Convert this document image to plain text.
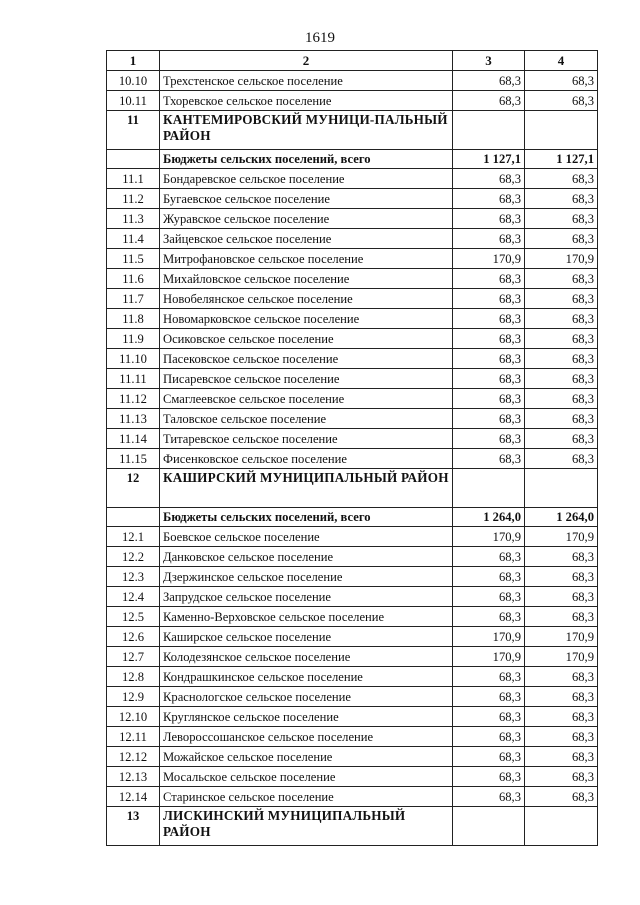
1619
1	2	3	4
10.10	Трехстенское сельское поселение	68,3	68,3
10.11	Тхоревское сельское поселение	68,3	68,3
11	КАНТЕМИРОВСКИЙ МУНИЦИ-ПАЛЬНЫЙ РАЙОН		
	Бюджеты сельских поселений, всего	1 127,1	1 127,1
11.1	Бондаревское сельское поселение	68,3	68,3
11.2	Бугаевское сельское поселение	68,3	68,3
11.3	Журавское сельское поселение	68,3	68,3
11.4	Зайцевское сельское поселение	68,3	68,3
11.5	Митрофановское сельское поселение	170,9	170,9
11.6	Михайловское сельское поселение	68,3	68,3
11.7	Новобелянское сельское поселение	68,3	68,3
11.8	Новомарковское сельское поселение	68,3	68,3
11.9	Осиковское сельское поселение	68,3	68,3
11.10	Пасековское сельское поселение	68,3	68,3
11.11	Писаревское сельское поселение	68,3	68,3
11.12	Смаглеевское сельское поселение	68,3	68,3
11.13	Таловское сельское поселение	68,3	68,3
11.14	Титаревское сельское поселение	68,3	68,3
11.15	Фисенковское сельское поселение	68,3	68,3
12	КАШИРСКИЙ МУНИЦИПАЛЬНЫЙ РАЙОН		
	Бюджеты сельских поселений, всего	1 264,0	1 264,0
12.1	Боевское сельское поселение	170,9	170,9
12.2	Данковское сельское поселение	68,3	68,3
12.3	Дзержинское сельское поселение	68,3	68,3
12.4	Запрудское сельское поселение	68,3	68,3
12.5	Каменно-Верховское сельское поселение	68,3	68,3
12.6	Каширское сельское поселение	170,9	170,9
12.7	Колодезянское сельское поселение	170,9	170,9
12.8	Кондрашкинское сельское поселение	68,3	68,3
12.9	Краснологское сельское поселение	68,3	68,3
12.10	Круглянское сельское поселение	68,3	68,3
12.11	Левороссошанское сельское поселение	68,3	68,3
12.12	Можайское сельское поселение	68,3	68,3
12.13	Мосальское сельское поселение	68,3	68,3
12.14	Старинское сельское поселение	68,3	68,3
13	ЛИСКИНСКИЙ МУНИЦИПАЛЬНЫЙ РАЙОН		
